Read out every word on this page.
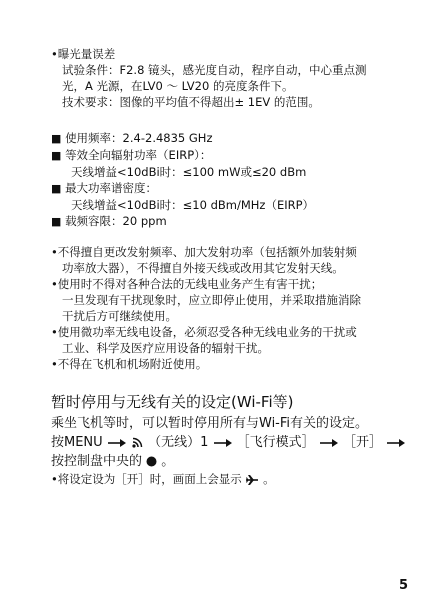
•曝光量误差
试验条件：F2.8 镜头，感光度自动，程序自动，中心重点测
光，A 光源，在LV0 ～ LV20 的亮度条件下。
技术要求：图像的平均值不得超出± 1EV 的范围。
■ 使用频率：2.4-2.4835 GHz
■ 等效全向辐射功率（EIRP）：
天线增益<10dBi时：≤100 mW或≤20 dBm
■ 最大功率谱密度：
天线增益<10dBi时：≤10 dBm/MHz（EIRP）
■ 载频容限：20 ppm
•不得擅自更改发射频率、加大发射功率（包括额外加装射频
功率放大器），不得擅自外接天线或改用其它发射天线。
•使用时不得对各种合法的无线电业务产生有害干扰；
一旦发现有干扰现象时，应立即停止使用，并采取措施消除
干扰后方可继续使用。
•使用微功率无线电设备，必须忍受各种无线电业务的干扰或
工业、科学及医疗应用设备的辐射干扰。
•不得在飞机和机场附近使用。
暂时停用与无线有关的设定(Wi-Fi等)
乘坐飞机等时，可以暂时停用所有与Wi-Fi有关的设定。
按MENU	（无线）1 ［飞行模式］ ［开］
按控制盘中央的 。
•将设定设为［开］时，画面上会显示 。
5
